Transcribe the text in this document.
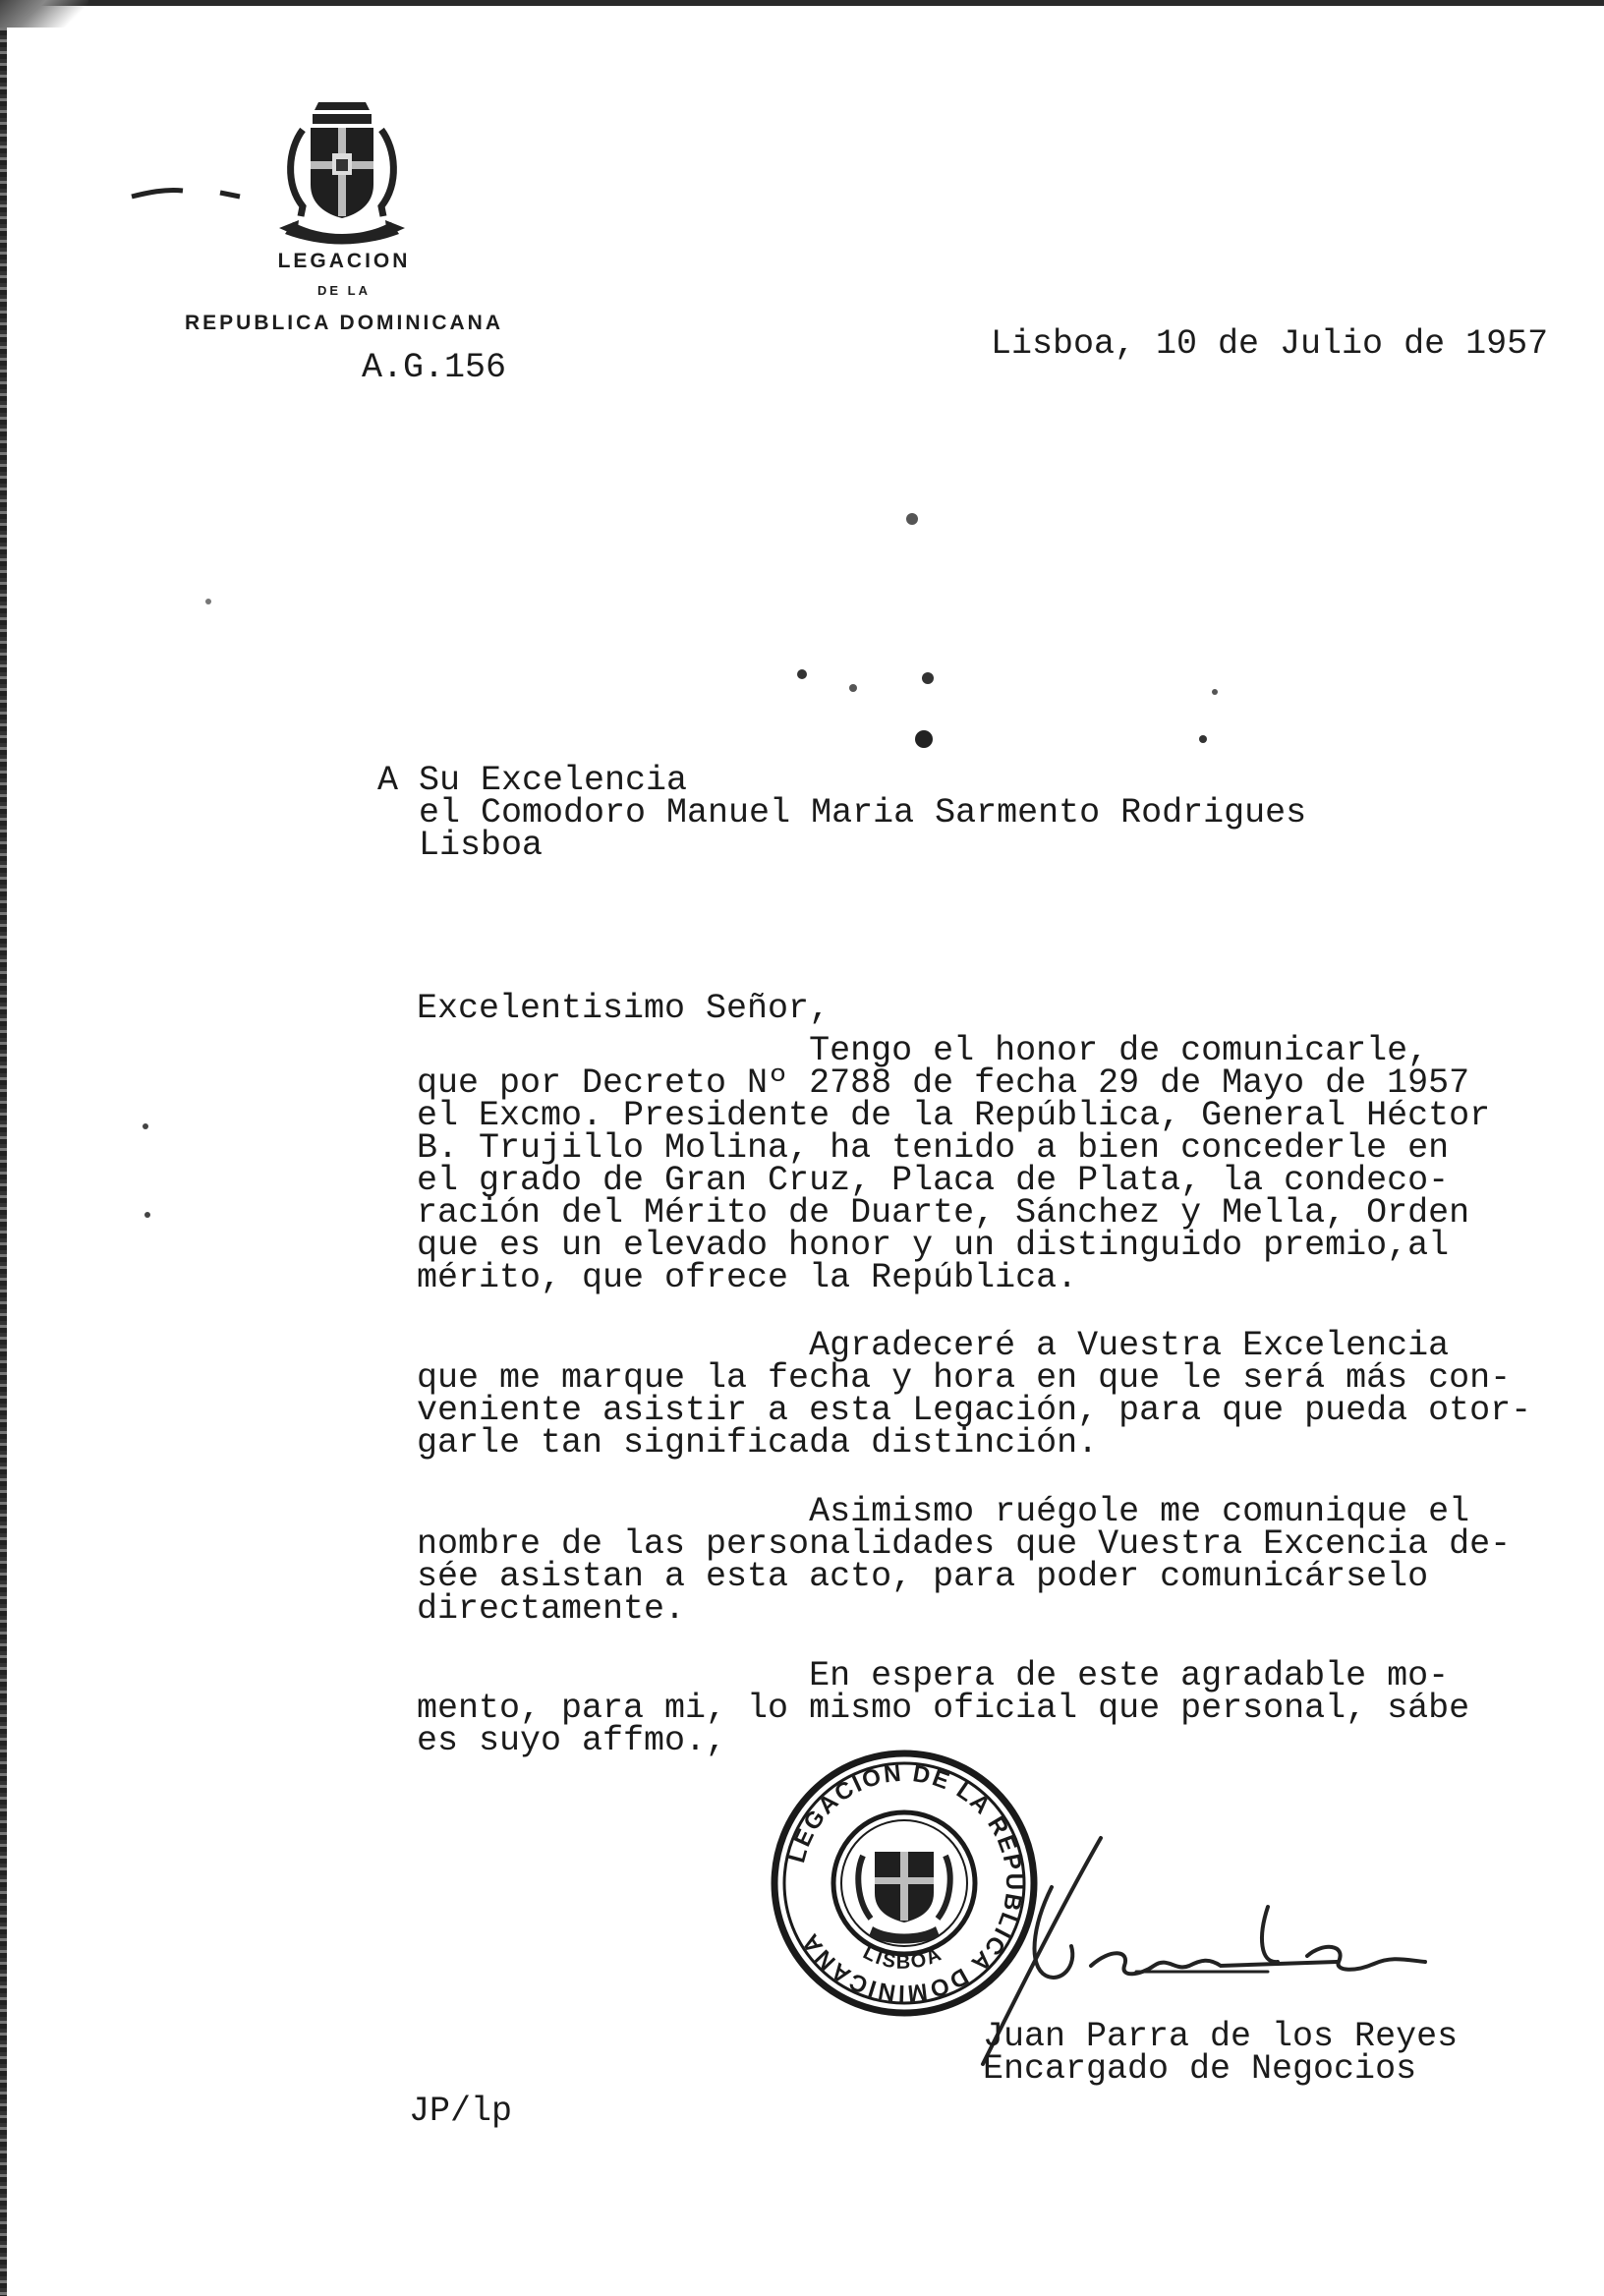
LEGACION
DE LA
REPUBLICA DOMINICANA
A.G.156
Lisboa, 10 de Julio de 1957
A Su Excelencia
el Comodoro Manuel Maria Sarmento Rodrigues
Lisboa
Excelentisimo Señor,
Tengo el honor de comunicarle,
que por Decreto Nº 2788 de fecha 29 de Mayo de 1957
el Excmo. Presidente de la República, General Héctor
B. Trujillo Molina, ha tenido a bien concederle en
el grado de Gran Cruz, Placa de Plata, la condeco-
ración del Mérito de Duarte, Sánchez y Mella, Orden
que es un elevado honor y un distinguido premio,al
mérito, que ofrece la República.
Agradeceré a Vuestra Excelencia
que me marque la fecha y hora en que le será más con-
veniente asistir a esta Legación, para que pueda otor-
garle tan significada distinción.
Asimismo ruégole me comunique el
nombre de las personalidades que Vuestra Excencia de-
sée asistan a esta acto, para poder comunicárselo
directamente.
En espera de este agradable mo-
mento, para mi, lo mismo oficial que personal, sábe
es suyo affmo.,
LEGACION DE LA REPUBLICA DOMINICANA	LISBOA
Juan Parra de los Reyes
Encargado de Negocios
JP/lp
